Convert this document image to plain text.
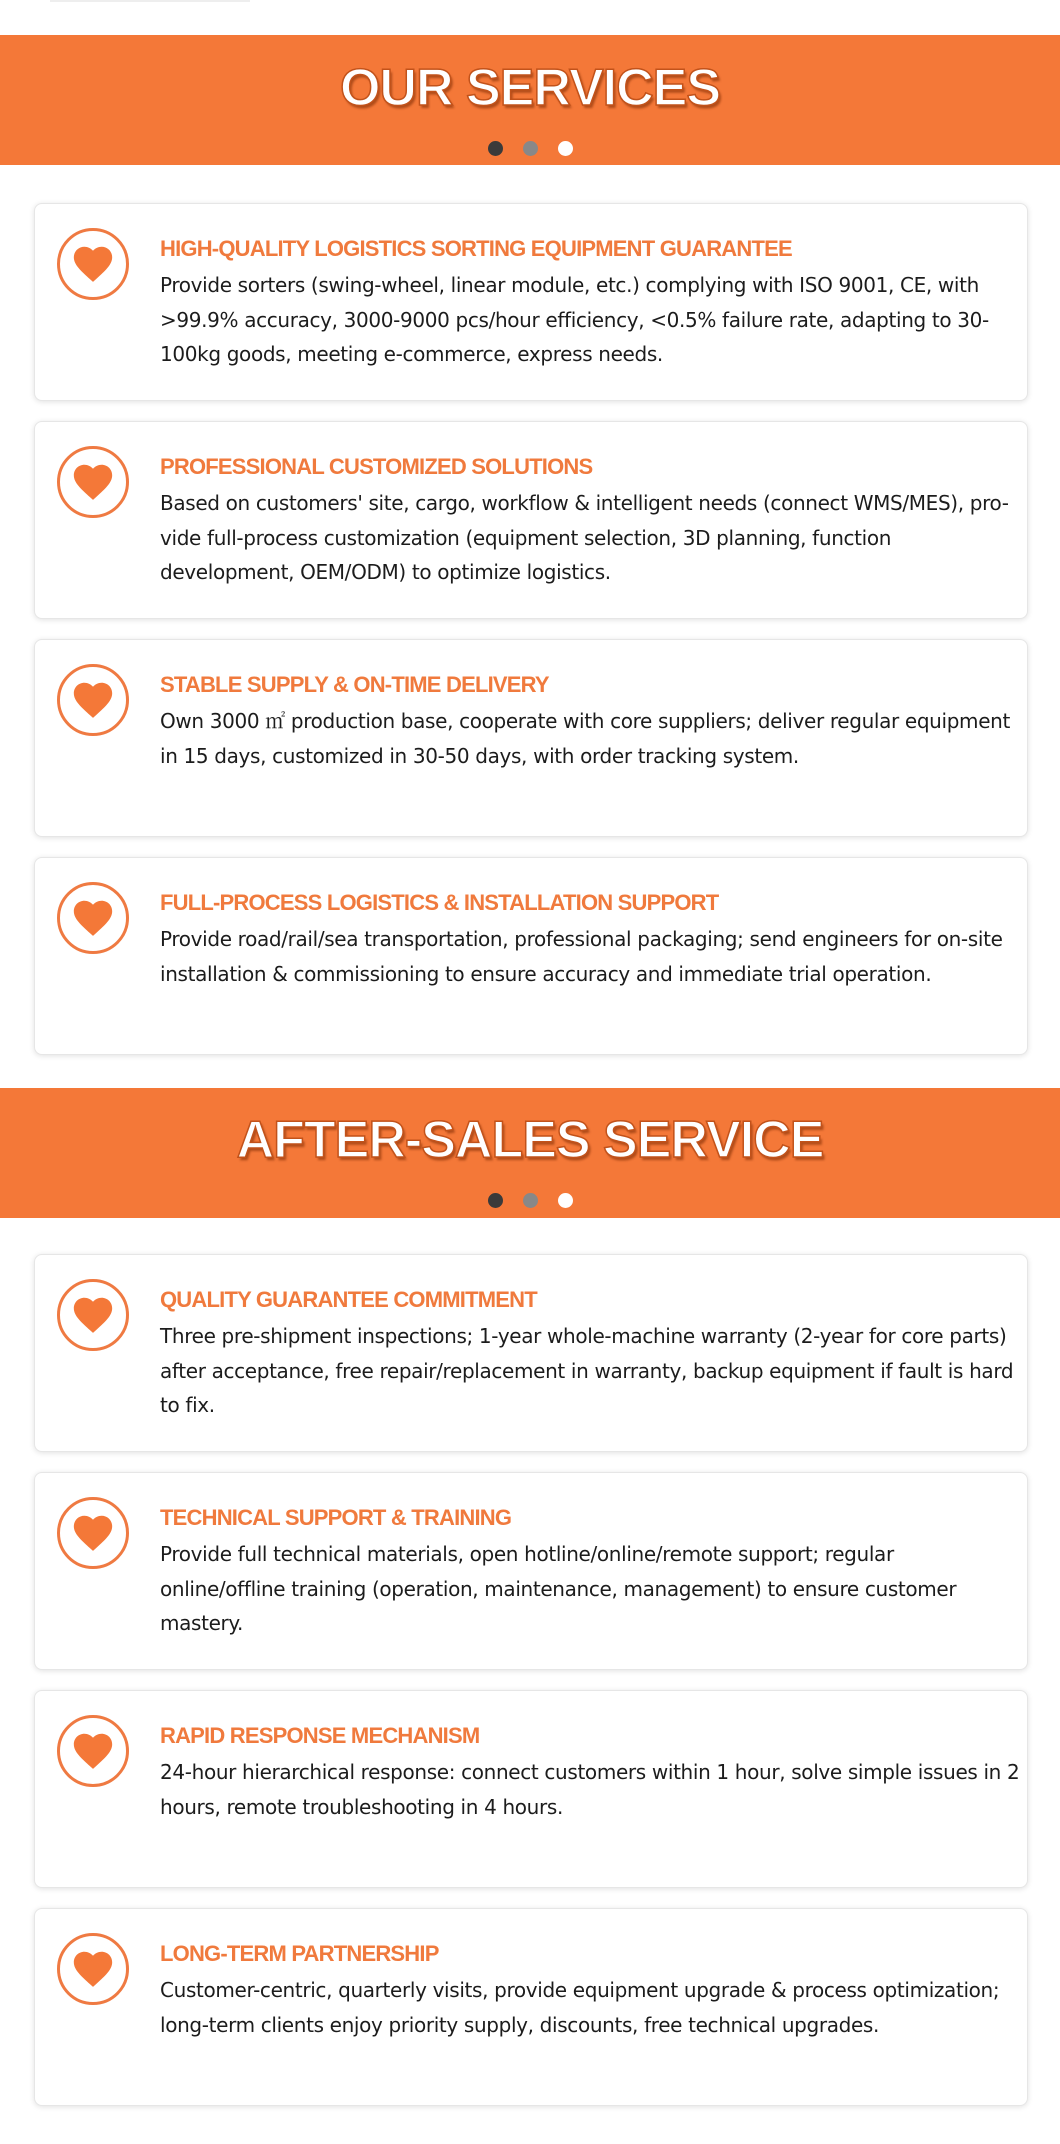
OUR SERVICES
HIGH-QUALITY LOGISTICS SORTING EQUIPMENT GUARANTEE
Provide sorters (swing-wheel, linear module, etc.) complying with ISO 9001, CE, with >99.9% accuracy, 3000-9000 pcs/hour efficiency, <0.5% failure rate, adapting to 30-100kg goods, meeting e-commerce, express needs.
PROFESSIONAL CUSTOMIZED SOLUTIONS
Based on customers' site, cargo, workflow & intelligent needs (connect WMS/MES), pro-vide full-process customization (equipment selection, 3D planning, function development, OEM/ODM) to optimize logistics.
STABLE SUPPLY & ON-TIME DELIVERY
Own 3000 ㎡ production base, cooperate with core suppliers; deliver regular equipment in 15 days, customized in 30-50 days, with order tracking system.
FULL-PROCESS LOGISTICS & INSTALLATION SUPPORT
Provide road/rail/sea transportation, professional packaging; send engineers for on-site installation & commissioning to ensure accuracy and immediate trial operation.
AFTER-SALES SERVICE
QUALITY GUARANTEE COMMITMENT
Three pre-shipment inspections; 1-year whole-machine warranty (2-year for core parts) after acceptance, free repair/replacement in warranty, backup equipment if fault is hard to fix.
TECHNICAL SUPPORT & TRAINING
Provide full technical materials, open hotline/online/remote support; regular online/offline training (operation, maintenance, management) to ensure customer mastery.
RAPID RESPONSE MECHANISM
24-hour hierarchical response: connect customers within 1 hour, solve simple issues in 2 hours, remote troubleshooting in 4 hours.
LONG-TERM PARTNERSHIP
Customer-centric, quarterly visits, provide equipment upgrade & process optimization; long-term clients enjoy priority supply, discounts, free technical upgrades.
